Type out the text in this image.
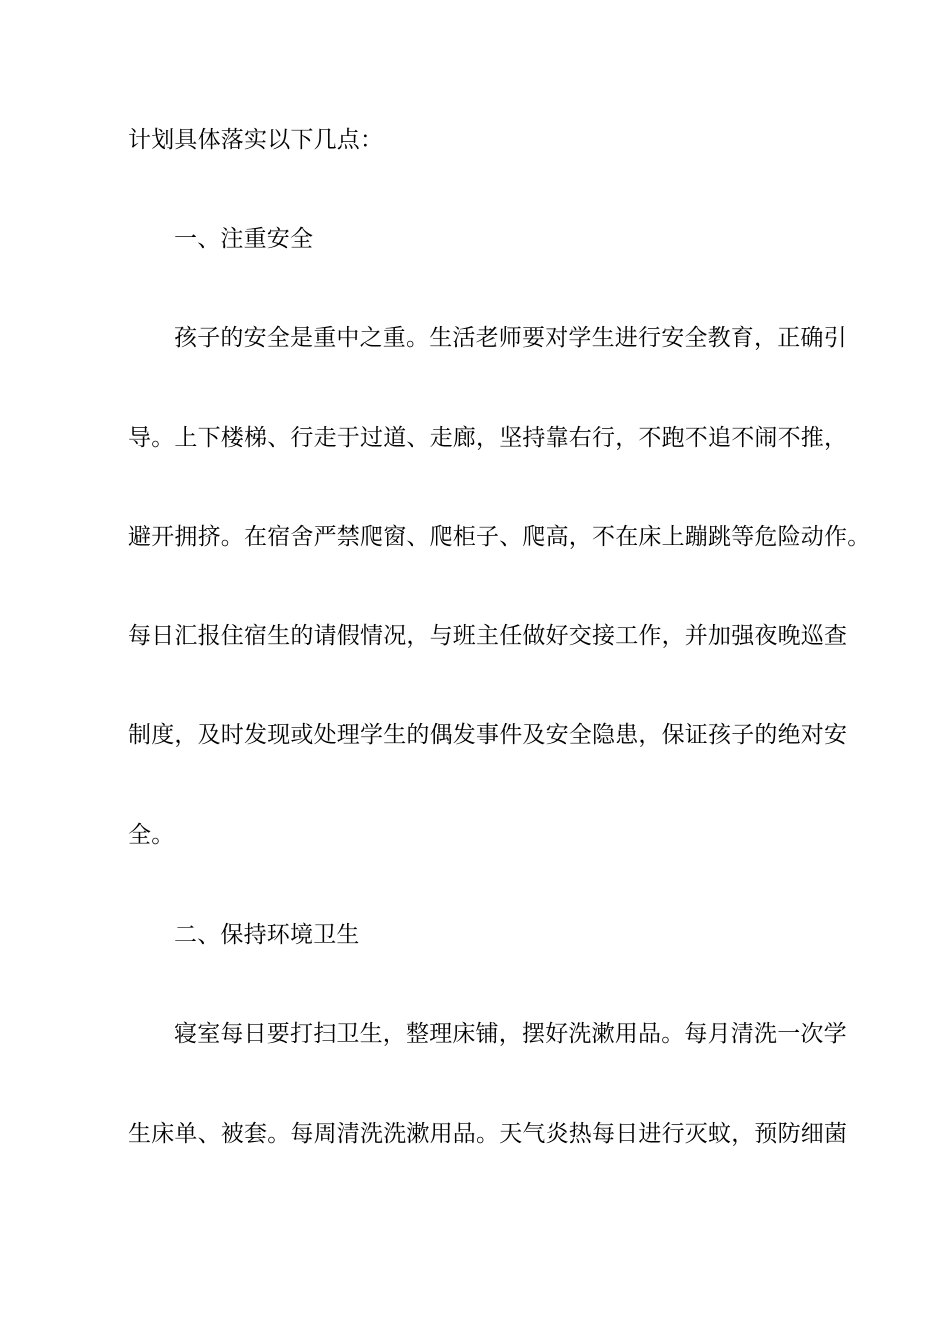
计划具体落实以下几点：
一、注重安全
孩子的安全是重中之重。生活老师要对学生进行安全教育，正确引
导。上下楼梯、行走于过道、走廊，坚持靠右行，不跑不追不闹不推，
避开拥挤。在宿舍严禁爬窗、爬柜子、爬高，不在床上蹦跳等危险动作。
每日汇报住宿生的请假情况，与班主任做好交接工作，并加强夜晚巡查
制度，及时发现或处理学生的偶发事件及安全隐患，保证孩子的绝对安
全。
二、保持环境卫生
寝室每日要打扫卫生，整理床铺，摆好洗漱用品。每月清洗一次学
生床单、被套。每周清洗洗漱用品。天气炎热每日进行灭蚊，预防细菌
